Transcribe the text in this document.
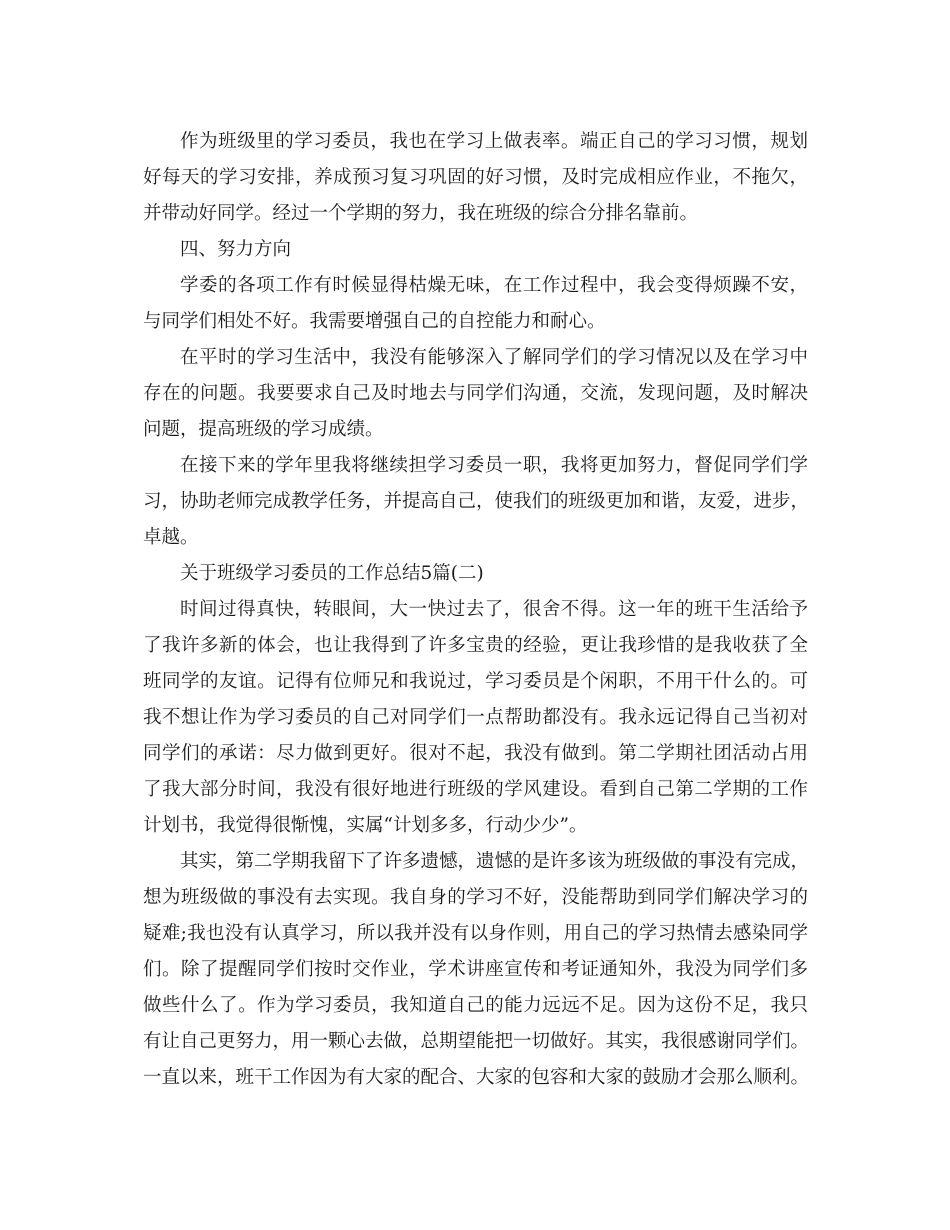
作为班级里的学习委员，我也在学习上做表率。端正自己的学习习惯，规划
好每天的学习安排，养成预习复习巩固的好习惯，及时完成相应作业，不拖欠，
并带动好同学。经过一个学期的努力，我在班级的综合分排名靠前。
四、努力方向
学委的各项工作有时候显得枯燥无味，在工作过程中，我会变得烦躁不安，
与同学们相处不好。我需要增强自己的自控能力和耐心。
在平时的学习生活中，我没有能够深入了解同学们的学习情况以及在学习中
存在的问题。我要要求自己及时地去与同学们沟通，交流，发现问题，及时解决
问题，提高班级的学习成绩。
在接下来的学年里我将继续担学习委员一职，我将更加努力，督促同学们学
习，协助老师完成教学任务，并提高自己，使我们的班级更加和谐，友爱，进步，
卓越。
关于班级学习委员的工作总结5篇(二)
时间过得真快，转眼间，大一快过去了，很舍不得。这一年的班干生活给予
了我许多新的体会，也让我得到了许多宝贵的经验，更让我珍惜的是我收获了全
班同学的友谊。记得有位师兄和我说过，学习委员是个闲职，不用干什么的。可
我不想让作为学习委员的自己对同学们一点帮助都没有。我永远记得自己当初对
同学们的承诺：尽力做到更好。很对不起，我没有做到。第二学期社团活动占用
了我大部分时间，我没有很好地进行班级的学风建设。看到自己第二学期的工作
计划书，我觉得很惭愧，实属“计划多多，行动少少”。
其实，第二学期我留下了许多遗憾，遗憾的是许多该为班级做的事没有完成，
想为班级做的事没有去实现。我自身的学习不好，没能帮助到同学们解决学习的
疑难;我也没有认真学习，所以我并没有以身作则，用自己的学习热情去感染同学
们。除了提醒同学们按时交作业，学术讲座宣传和考证通知外，我没为同学们多
做些什么了。作为学习委员，我知道自己的能力远远不足。因为这份不足，我只
有让自己更努力，用一颗心去做，总期望能把一切做好。其实，我很感谢同学们。
一直以来，班干工作因为有大家的配合、大家的包容和大家的鼓励才会那么顺利。
